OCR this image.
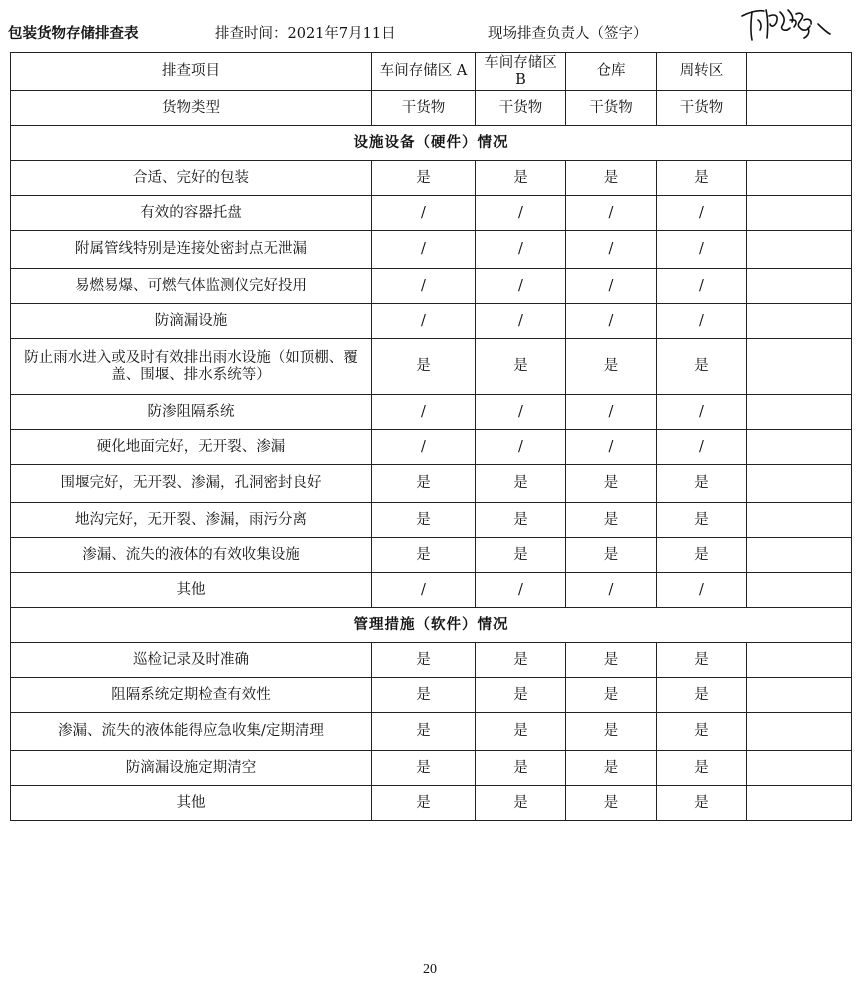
包装货物存储排查表	排查时间：2021年7月11日	现场排查负责人（签字）
排查项目	车间存储区 A	车间存储区 B	仓库	周转区	
货物类型	干货物	干货物	干货物	干货物	
设施设备（硬件）情况					
合适、完好的包装	是	是	是	是	
有效的容器托盘	/	/	/	/	
附属管线特别是连接处密封点无泄漏	/	/	/	/	
易燃易爆、可燃气体监测仪完好投用	/	/	/	/	
防滴漏设施	/	/	/	/	
防止雨水进入或及时有效排出雨水设施（如顶棚、覆盖、围堰、排水系统等）	是	是	是	是	
防渗阻隔系统	/	/	/	/	
硬化地面完好，无开裂、渗漏	/	/	/	/	
围堰完好，无开裂、渗漏，孔洞密封良好	是	是	是	是	
地沟完好，无开裂、渗漏，雨污分离	是	是	是	是	
渗漏、流失的液体的有效收集设施	是	是	是	是	
其他	/	/	/	/	
管理措施（软件）情况					
巡检记录及时准确	是	是	是	是	
阻隔系统定期检查有效性	是	是	是	是	
渗漏、流失的液体能得应急收集/定期清理	是	是	是	是	
防滴漏设施定期清空	是	是	是	是	
其他	是	是	是	是	
20
